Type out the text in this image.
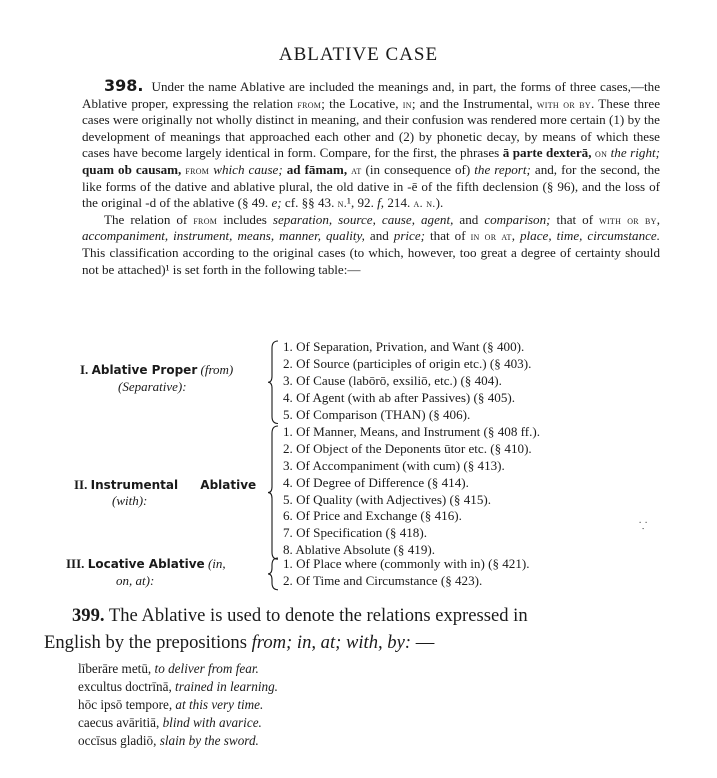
ABLATIVE CASE

398. Under the name Ablative are included the meanings and, in part, the forms of three cases,—the Ablative proper, expressing the relation from; the Locative, in; and the Instrumental, with or by. These three cases were originally not wholly distinct in meaning, and their confusion was rendered more certain (1) by the development of meanings that approached each other and (2) by phonetic decay, by means of which these cases have become largely identical in form. Compare, for the first, the phrases ā parte dexterā, on the right; quam ob causam, from which cause; ad fāmam, at (in consequence of) the report; and, for the second, the like forms of the dative and ablative plural, the old dative in -ē of the fifth declension (§ 96), and the loss of the original -d of the ablative (§ 49. e; cf. §§ 43. n.¹, 92. f, 214. a. n.).

The relation of from includes separation, source, cause, agent, and comparison; that of with or by, accompaniment, instrument, means, manner, quality, and price; that of in or at, place, time, circumstance. This classification according to the original cases (to which, however, too great a degree of certainty should not be attached)¹ is set forth in the following table:—

I. Ablative Proper (from)
(Separative):
1. Of Separation, Privation, and Want (§ 400).
2. Of Source (participles of origin etc.) (§ 403).
3. Of Cause (labōrō, exsiliō, etc.) (§ 404).
4. Of Agent (with ab after Passives) (§ 405).
5. Of Comparison (THAN) (§ 406).
II. Instrumental Ablative
(with):
1. Of Manner, Means, and Instrument (§ 408 ff.).
2. Of Object of the Deponents ūtor etc. (§ 410).
3. Of Accompaniment (with cum) (§ 413).
4. Of Degree of Difference (§ 414).
5. Of Quality (with Adjectives) (§ 415).
6. Of Price and Exchange (§ 416).
7. Of Specification (§ 418).
8. Ablative Absolute (§ 419).
III. Locative Ablative (in,
on, at):
1. Of Place where (commonly with in) (§ 421).
2. Of Time and Circumstance (§ 423).
⸪
399. The Ablative is used to denote the relations expressed in
English by the prepositions from; in, at; with, by: —
līberāre metū, to deliver from fear.
excultus doctrīnā, trained in learning.
hōc ipsō tempore, at this very time.
caecus avāritiā, blind with avarice.
occīsus gladiō, slain by the sword.
